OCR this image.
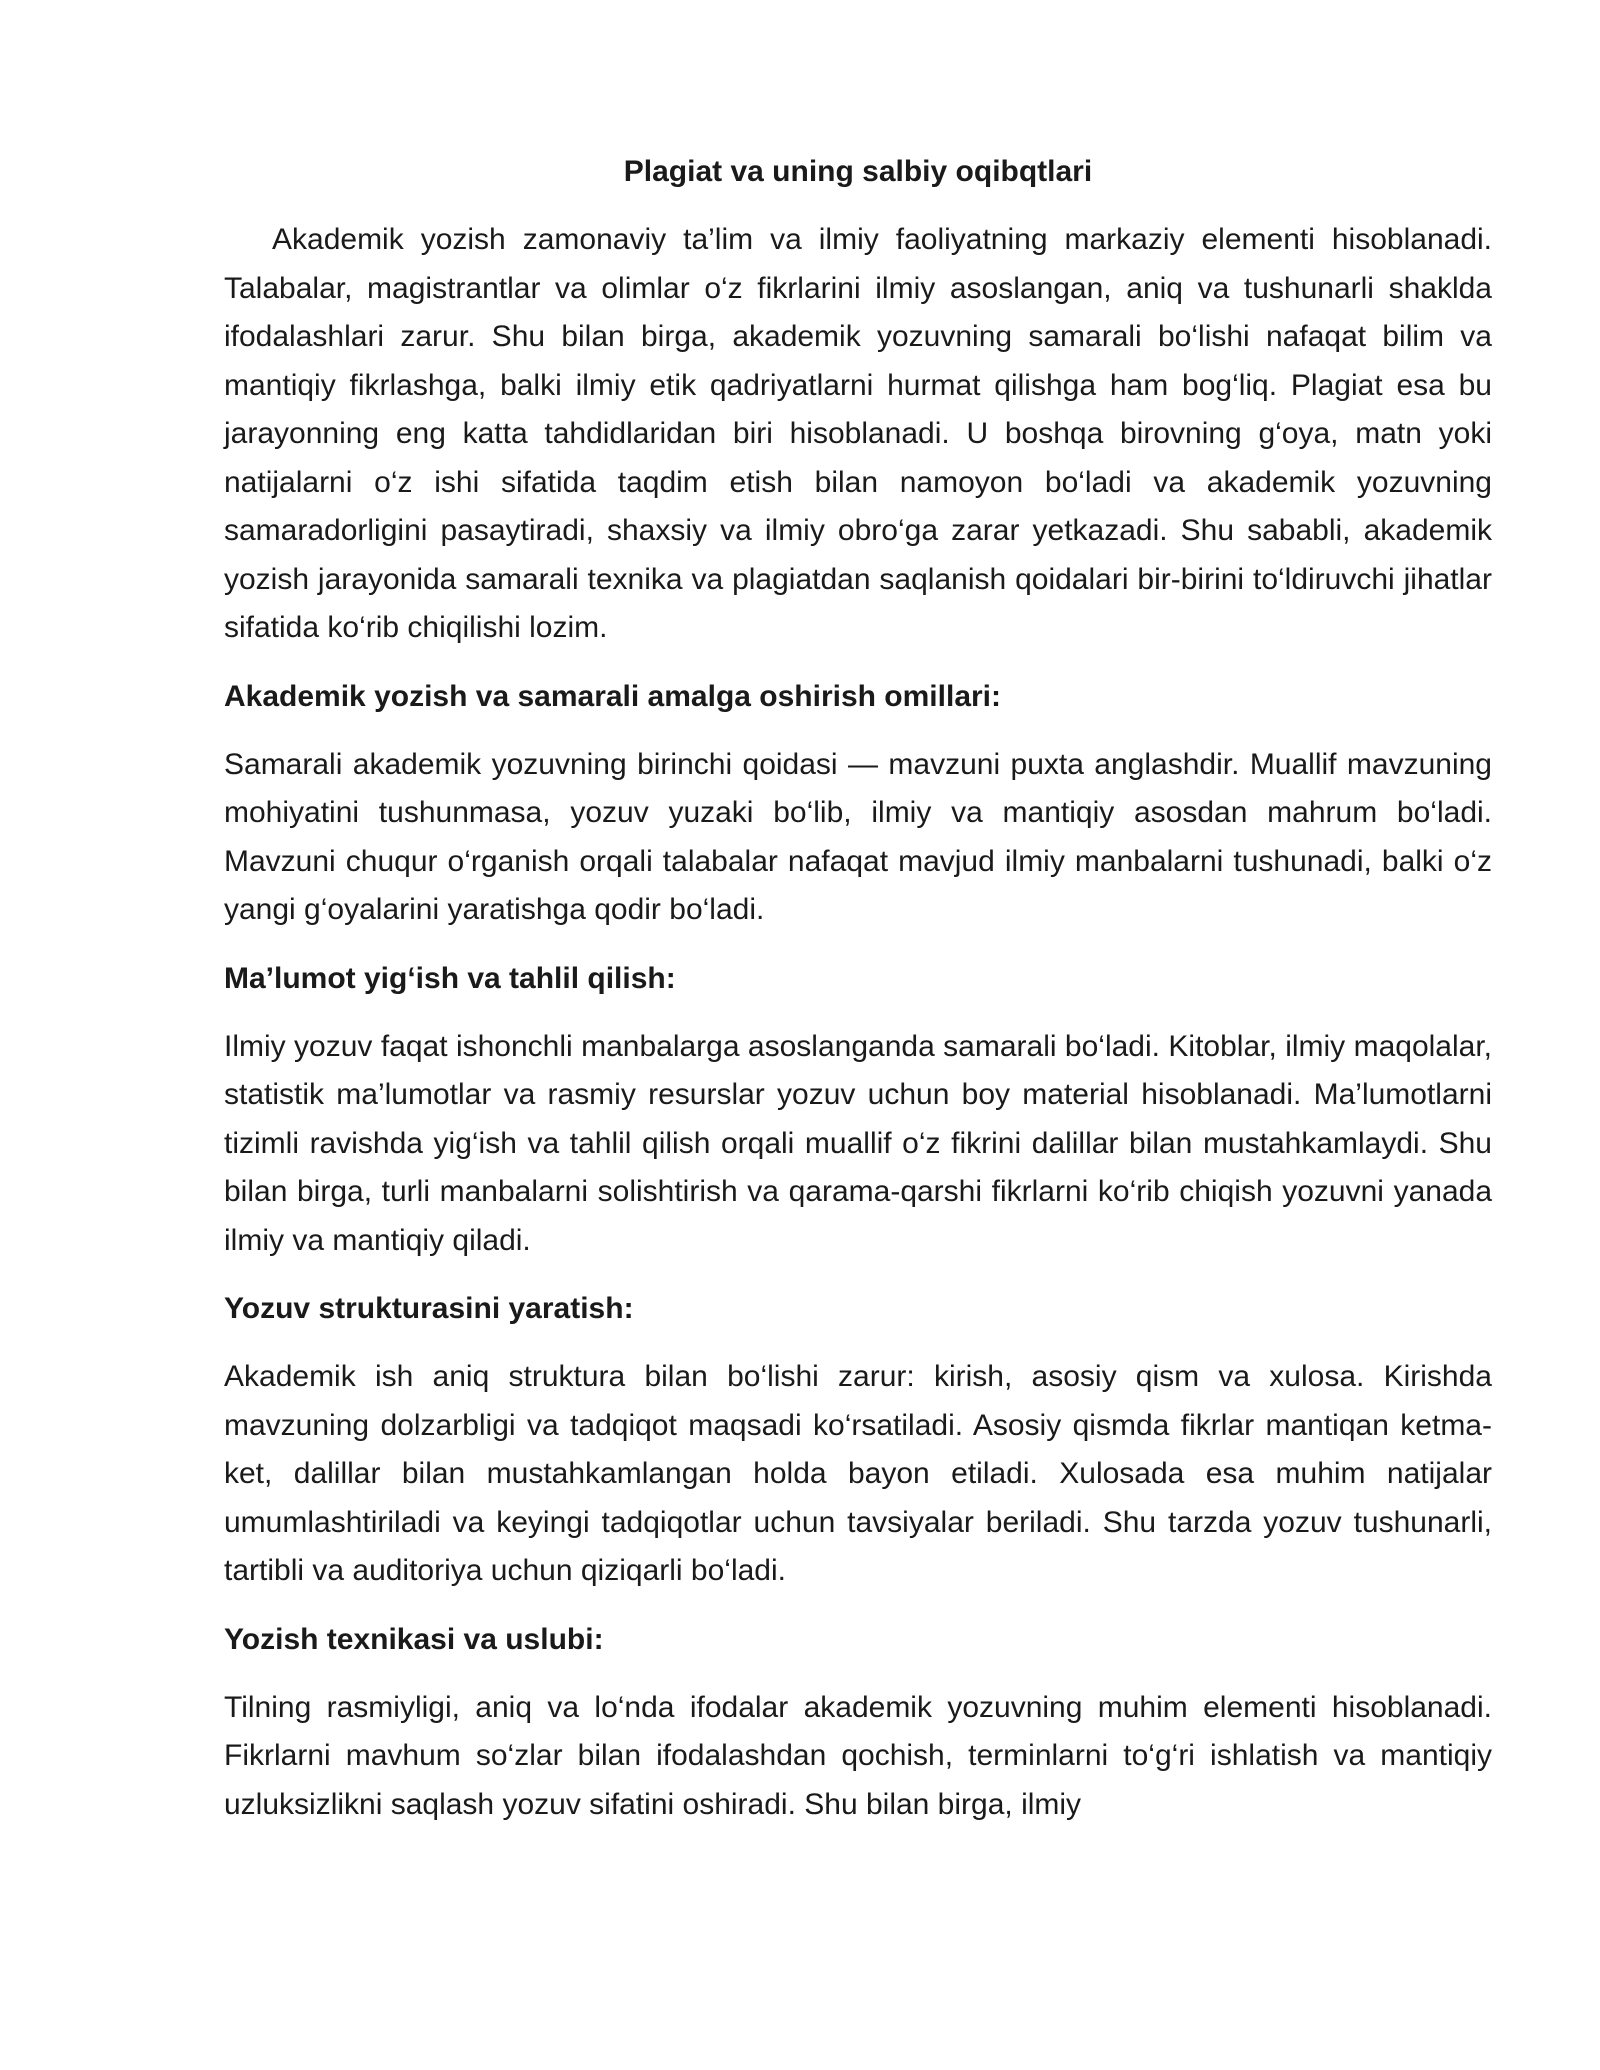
Plagiat va uning salbiy oqibqtlari

Akademik yozish zamonaviy ta’lim va ilmiy faoliyatning markaziy elementi hisoblanadi. Talabalar, magistrantlar va olimlar o‘z fikrlarini ilmiy asoslangan, aniq va tushunarli shaklda ifodalashlari zarur. Shu bilan birga, akademik yozuvning samarali bo‘lishi nafaqat bilim va mantiqiy fikrlashga, balki ilmiy etik qadriyatlarni hurmat qilishga ham bog‘liq. Plagiat esa bu jarayonning eng katta tahdidlaridan biri hisoblanadi. U boshqa birovning g‘oya, matn yoki natijalarni o‘z ishi sifatida taqdim etish bilan namoyon bo‘ladi va akademik yozuvning samaradorligini pasaytiradi, shaxsiy va ilmiy obro‘ga zarar yetkazadi. Shu sababli, akademik yozish jarayonida samarali texnika va plagiatdan saqlanish qoidalari bir-birini to‘ldiruvchi jihatlar sifatida ko‘rib chiqilishi lozim.

Akademik yozish va samarali amalga oshirish omillari:

Samarali akademik yozuvning birinchi qoidasi — mavzuni puxta anglashdir. Muallif mavzuning mohiyatini tushunmasa, yozuv yuzaki bo‘lib, ilmiy va mantiqiy asosdan mahrum bo‘ladi. Mavzuni chuqur o‘rganish orqali talabalar nafaqat mavjud ilmiy manbalarni tushunadi, balki o‘z yangi g‘oyalarini yaratishga qodir bo‘ladi.

Ma’lumot yig‘ish va tahlil qilish:

Ilmiy yozuv faqat ishonchli manbalarga asoslanganda samarali bo‘ladi. Kitoblar, ilmiy maqolalar, statistik ma’lumotlar va rasmiy resurslar yozuv uchun boy material hisoblanadi. Ma’lumotlarni tizimli ravishda yig‘ish va tahlil qilish orqali muallif o‘z fikrini dalillar bilan mustahkamlaydi. Shu bilan birga, turli manbalarni solishtirish va qarama-qarshi fikrlarni ko‘rib chiqish yozuvni yanada ilmiy va mantiqiy qiladi.

Yozuv strukturasini yaratish:

Akademik ish aniq struktura bilan bo‘lishi zarur: kirish, asosiy qism va xulosa. Kirishda mavzuning dolzarbligi va tadqiqot maqsadi ko‘rsatiladi. Asosiy qismda fikrlar mantiqan ketma-ket, dalillar bilan mustahkamlangan holda bayon etiladi. Xulosada esa muhim natijalar umumlashtiriladi va keyingi tadqiqotlar uchun tavsiyalar beriladi. Shu tarzda yozuv tushunarli, tartibli va auditoriya uchun qiziqarli bo‘ladi.

Yozish texnikasi va uslubi:

Tilning rasmiyligi, aniq va lo‘nda ifodalar akademik yozuvning muhim elementi hisoblanadi. Fikrlarni mavhum so‘zlar bilan ifodalashdan qochish, terminlarni to‘g‘ri ishlatish va mantiqiy uzluksizlikni saqlash yozuv sifatini oshiradi. Shu bilan birga, ilmiy
